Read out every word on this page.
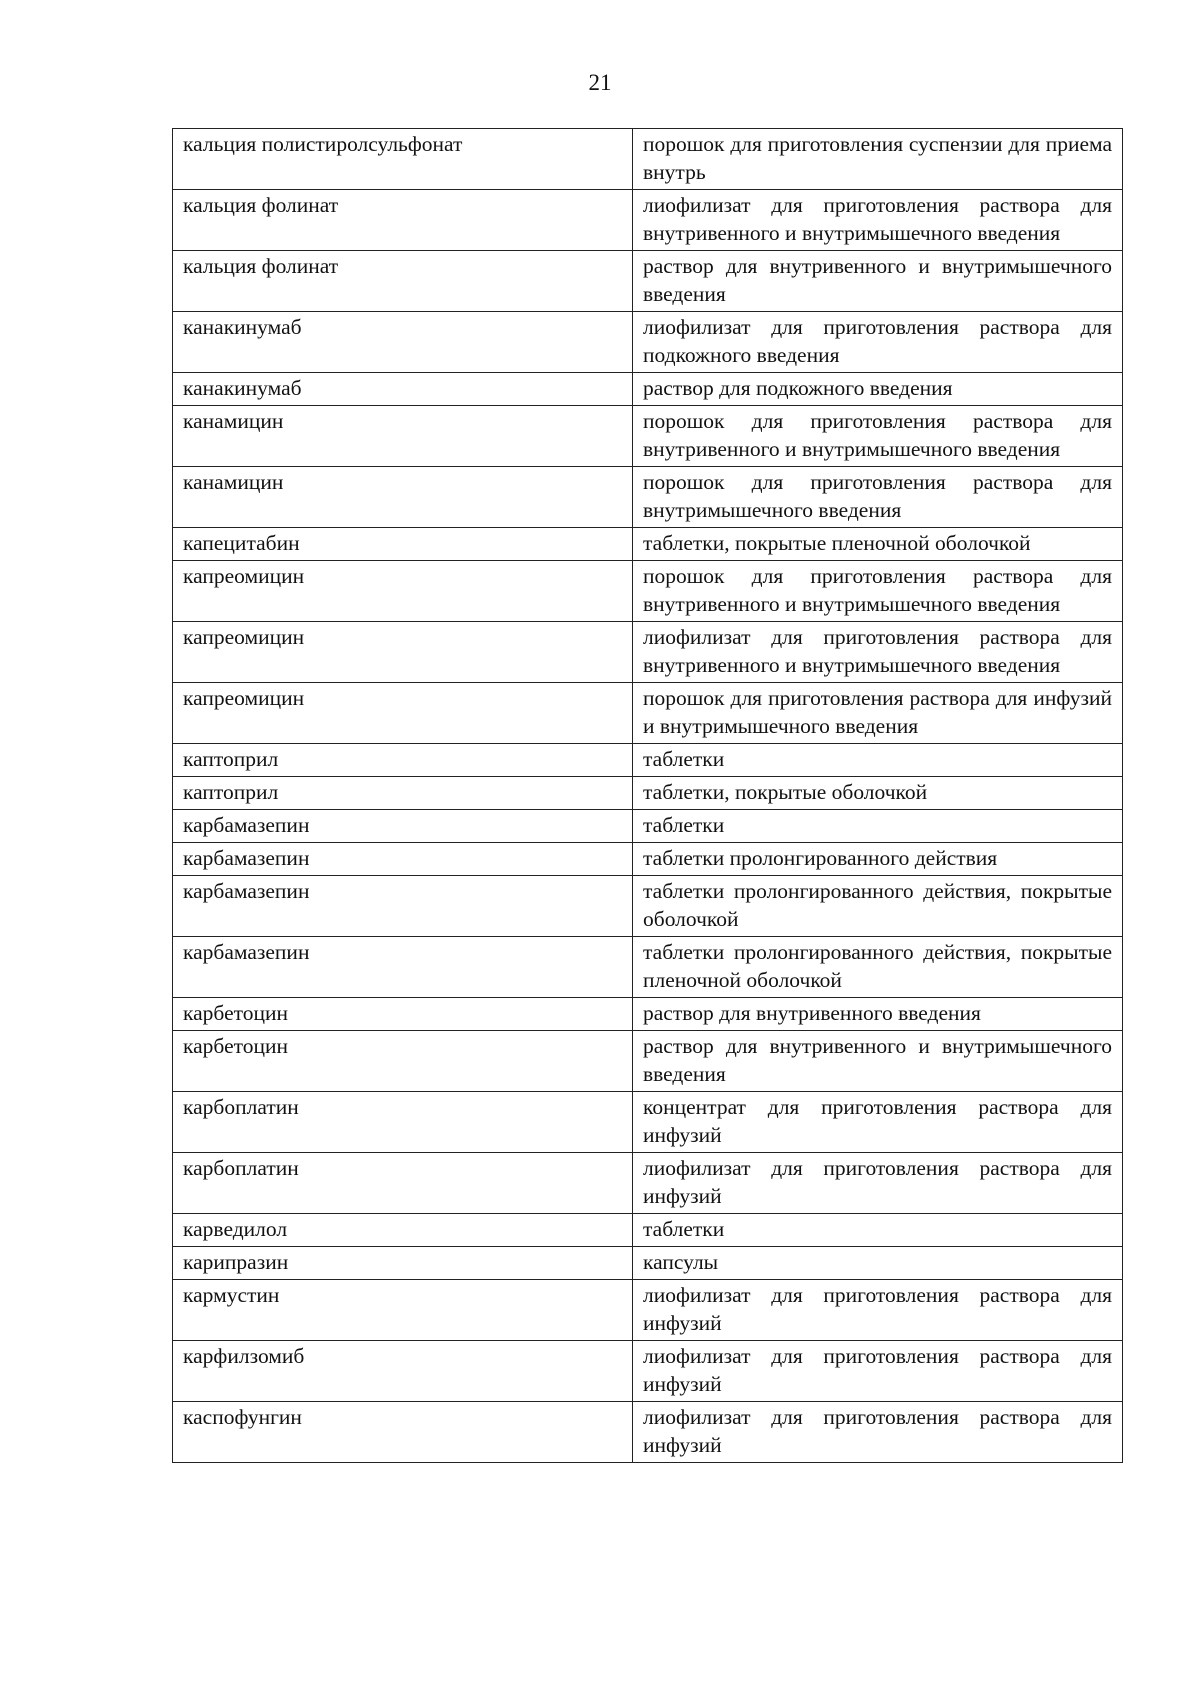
21
кальция полистиролсульфонат	порошок для приготовления суспензии для приема внутрь
кальция фолинат	лиофилизат для приготовления раствора для внутривенного и внутримышечного введения
кальция фолинат	раствор для внутривенного и внутримышечного введения
канакинумаб	лиофилизат для приготовления раствора для подкожного введения
канакинумаб	раствор для подкожного введения
канамицин	порошок для приготовления раствора для внутривенного и внутримышечного введения
канамицин	порошок для приготовления раствора для внутримышечного введения
капецитабин	таблетки, покрытые пленочной оболочкой
капреомицин	порошок для приготовления раствора для внутривенного и внутримышечного введения
капреомицин	лиофилизат для приготовления раствора для внутривенного и внутримышечного введения
капреомицин	порошок для приготовления раствора для инфузий и внутримышечного введения
каптоприл	таблетки
каптоприл	таблетки, покрытые оболочкой
карбамазепин	таблетки
карбамазепин	таблетки пролонгированного действия
карбамазепин	таблетки пролонгированного действия, покрытые оболочкой
карбамазепин	таблетки пролонгированного действия, покрытые пленочной оболочкой
карбетоцин	раствор для внутривенного введения
карбетоцин	раствор для внутривенного и внутримышечного введения
карбоплатин	концентрат для приготовления раствора для инфузий
карбоплатин	лиофилизат для приготовления раствора для инфузий
карведилол	таблетки
карипразин	капсулы
кармустин	лиофилизат для приготовления раствора для инфузий
карфилзомиб	лиофилизат для приготовления раствора для инфузий
каспофунгин	лиофилизат для приготовления раствора для инфузий
